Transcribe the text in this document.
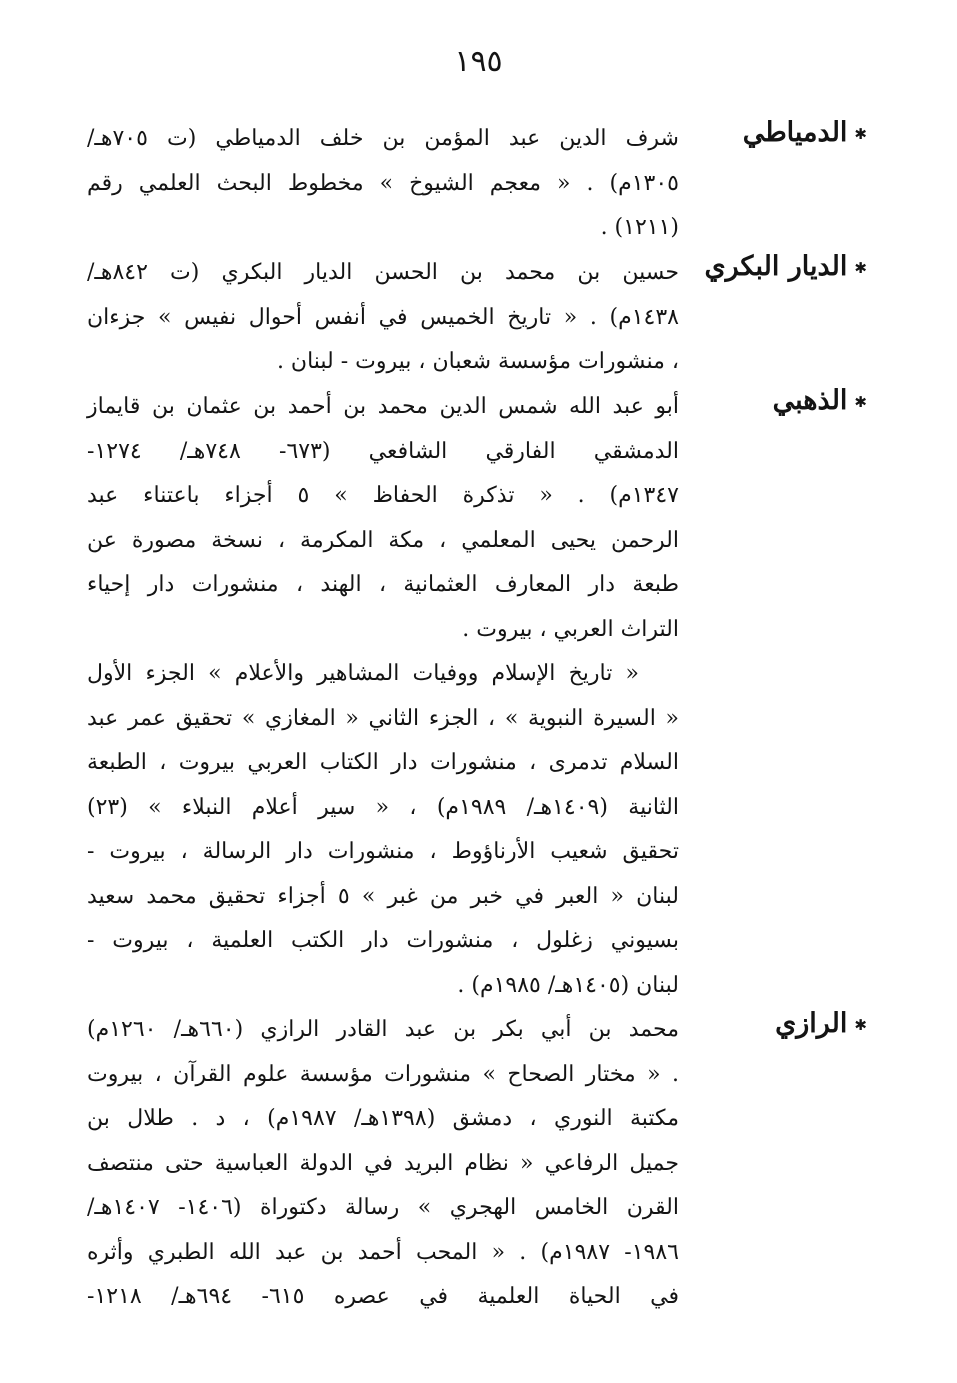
١٩٥
✱الدمياطي
شرف الدين عبد المؤمن بن خلف الدمياطي (ت ٧٠٥هـ/
١٣٠٥م) . « معجم الشيوخ » مخطوط البحث العلمي رقم
(١٢١١) .
✱الديار البكري
حسين بن محمد بن الحسن الديار البكري (ت ٨٤٢هـ/
١٤٣٨م) . « تاريخ الخميس في أنفس أحوال نفيس » جزءان
، منشورات مؤسسة شعبان ، بيروت - لبنان .
✱الذهبي
أبو عبد الله شمس الدين محمد بن أحمد بن عثمان بن قايماز
الدمشقي الفارقي الشافعي (٦٧٣- ٧٤٨هـ/ ١٢٧٤-
١٣٤٧م) . « تذكرة الحفاظ » ٥ أجزاء باعتناء عبد
الرحمن يحيى المعلمي ، مكة المكرمة ، نسخة مصورة عن
طبعة دار المعارف العثمانية ، الهند ، منشورات دار إحياء
التراث العربي ، بيروت .
« تاريخ الإسلام ووفيات المشاهير والأعلام » الجزء الأول
« السيرة النبوية » ، الجزء الثاني « المغازي » تحقيق عمر عبد
السلام تدمرى ، منشورات دار الكتاب العربي بيروت ، الطبعة
الثانية (١٤٠٩هـ/ ١٩٨٩م) ، « سير أعلام النبلاء » (٢٣)
تحقيق شعيب الأرناؤوط ، منشورات دار الرسالة ، بيروت -
لبنان « العبر في خبر من غبر » ٥ أجزاء تحقيق محمد سعيد
بسيوني زغلول ، منشورات دار الكتب العلمية ، بيروت -
لبنان (١٤٠٥هـ/ ١٩٨٥م) .
✱الرازي
محمد بن أبي بكر بن عبد القادر الرازي (٦٦٠هـ/ ١٢٦٠م)
. « مختار الصحاح » منشورات مؤسسة علوم القرآن ، بيروت
مكتبة النوري ، دمشق (١٣٩٨هـ/ ١٩٨٧م) ، د . طلال بن
جميل الرفاعي « نظام البريد في الدولة العباسية حتى منتصف
القرن الخامس الهجري » رسالة دكتوراة (١٤٠٦- ١٤٠٧هـ/
١٩٨٦- ١٩٨٧م) . « المحب أحمد بن عبد الله الطبري وأثره
في الحياة العلمية في عصره ٦١٥- ٦٩٤هـ/ ١٢١٨-
